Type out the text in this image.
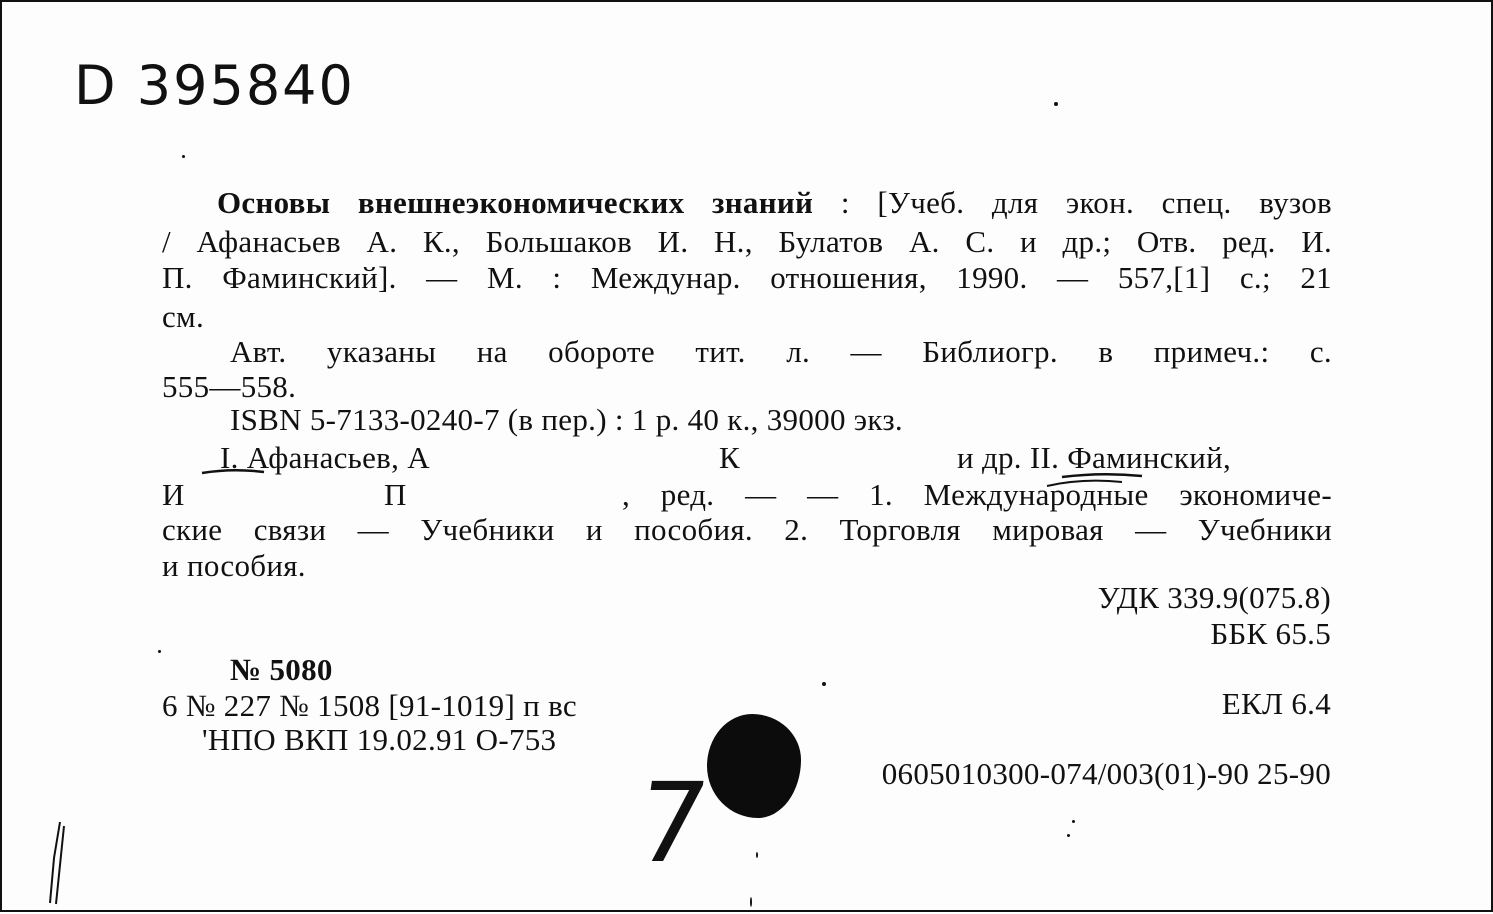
D 395840
Основы внешнеэкономических знаний : [Учеб. для экон. спец. вузов
/ Афанасьев А. К., Большаков И. Н., Булатов А. С. и др.; Отв. ред. И.
П. Фаминский]. — М. : Междунар. отношения, 1990. — 557,[1] с.; 21
см.
Авт. указаны на обороте тит. л. — Библиогр. в примеч.: с.
555—558.
ISBN 5-7133-0240-7 (в пер.) : 1 р. 40 к., 39000 экз.
I. Афанасьев, А	К	и др. II. Фаминский,
И	П	, ред. — — 1. Международные экономиче-
ские связи — Учебники и пособия. 2. Торговля мировая — Учебники
и пособия.
УДК 339.9(075.8)
ББК 65.5
ЕКЛ 6.4
0605010300-074/003(01)-90 25-90
№ 5080
6 № 227 № 1508 [91-1019] п вс
'НПО ВКП 19.02.91 О-753
7
